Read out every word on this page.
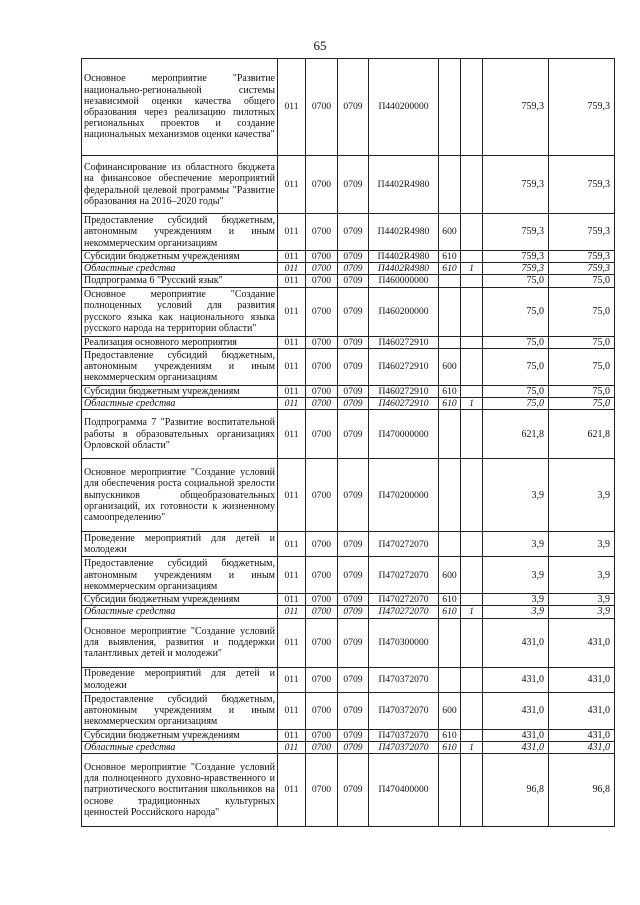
65
Основное мероприятие "Развитие национально-региональной системы независимой оценки качества общего образования через реализацию пилотных региональных проектов и создание национальных механизмов оценки качества"	011	0700	0709	П440200000			759,3	759,3
Софинансирование из областного бюджета на финансовое обеспечение мероприятий федеральной целевой программы "Развитие образования на 2016–2020 годы"	011	0700	0709	П4402R4980			759,3	759,3
Предоставление субсидий бюджетным, автономным учреждениям и иным некоммерческим организациям	011	0700	0709	П4402R4980	600		759,3	759,3
Субсидии бюджетным учреждениям	011	0700	0709	П4402R4980	610		759,3	759,3
Областные средства	011	0700	0709	П4402R4980	610	1	759,3	759,3
Подпрограмма 6 "Русский язык"	011	0700	0709	П460000000			75,0	75,0
Основное мероприятие "Создание полноценных условий для развития русского языка как национального языка русского народа на территории области"	011	0700	0709	П460200000			75,0	75,0
Реализация основного мероприятия	011	0700	0709	П460272910			75,0	75,0
Предоставление субсидий бюджетным, автономным учреждениям и иным некоммерческим организациям	011	0700	0709	П460272910	600		75,0	75,0
Субсидии бюджетным учреждениям	011	0700	0709	П460272910	610		75,0	75,0
Областные средства	011	0700	0709	П460272910	610	1	75,0	75,0
Подпрограмма 7 "Развитие воспитательной работы в образовательных организациях Орловской области"	011	0700	0709	П470000000			621,8	621,8
Основное мероприятие "Создание условий для обеспечения роста социальной зрелости выпускников общеобразовательных организаций, их готовности к жизненному самоопределению"	011	0700	0709	П470200000			3,9	3,9
Проведение мероприятий для детей и молодежи	011	0700	0709	П470272070			3,9	3,9
Предоставление субсидий бюджетным, автономным учреждениям и иным некоммерческим организациям	011	0700	0709	П470272070	600		3,9	3,9
Субсидии бюджетным учреждениям	011	0700	0709	П470272070	610		3,9	3,9
Областные средства	011	0700	0709	П470272070	610	1	3,9	3,9
Основное мероприятие "Создание условий для выявления, развития и поддержки талантливых детей и молодежи"	011	0700	0709	П470300000			431,0	431,0
Проведение мероприятий для детей и молодежи	011	0700	0709	П470372070			431,0	431,0
Предоставление субсидий бюджетным, автономным учреждениям и иным некоммерческим организациям	011	0700	0709	П470372070	600		431,0	431,0
Субсидии бюджетным учреждениям	011	0700	0709	П470372070	610		431,0	431,0
Областные средства	011	0700	0709	П470372070	610	1	431,0	431,0
Основное мероприятие "Создание условий для полноценного духовно-нравственного и патриотического воспитания школьников на основе традиционных культурных ценностей Российского народа"	011	0700	0709	П470400000			96,8	96,8
